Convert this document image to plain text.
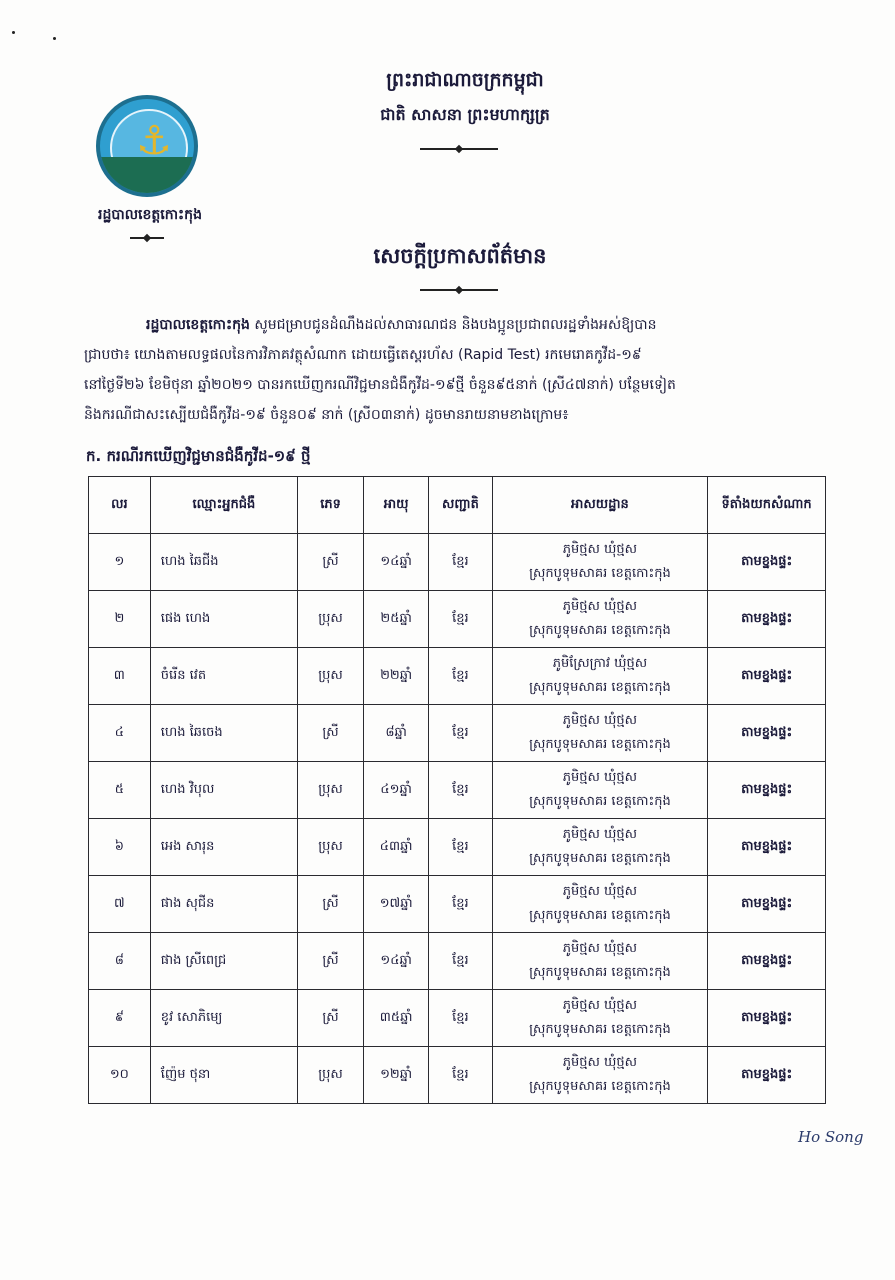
ព្រះរាជាណាចក្រកម្ពុជា
ជាតិ សាសនា ព្រះមហាក្សត្រ
⚓
រដ្ឋបាលខេត្តកោះកុង
សេចក្ដីប្រកាសព័ត៌មាន
រដ្ឋបាលខេត្តកោះកុង សូមជម្រាបជូនដំណឹងដល់សាធារណជន និងបងប្អូនប្រជាពលរដ្ឋទាំងអស់ឱ្យបាន
ជ្រាបថា៖ យោងតាមលទ្ធផលនៃការវិភាគវត្ថុសំណាក ដោយធ្វើតេស្តរហ័ស (Rapid Test) រកមេរោគកូវីដ-១៩
នៅថ្ងៃទី២៦ ខែមិថុនា ឆ្នាំ២០២១ បានរកឃើញករណីវិជ្ជមានជំងឺកូវីដ-១៩ថ្មី ចំនួន៩៥នាក់ (ស្រី៤៧នាក់) បន្ថែមទៀត
និងករណីជាសះស្បើយជំងឺកូវីដ-១៩ ចំនួន០៩ នាក់ (ស្រី០៣នាក់) ដូចមានរាយនាមខាងក្រោម៖
ក. ករណីរកឃើញវិជ្ជមានជំងឺកូវីដ-១៩ ថ្មី
លរ	ឈ្មោះអ្នកជំងឺ	ភេទ	អាយុ	សញ្ជាតិ	អាសយដ្ឋាន	ទីតាំងយកសំណាក
១	ហេង ឆៃជីង	ស្រី	១៤ឆ្នាំ	ខ្មែរ	ភូមិថ្មស ឃុំថ្មស
ស្រុកបូទុមសាគរ ខេត្តកោះកុង	តាមខ្នងផ្ទះ
២	ផេង ហេង	ប្រុស	២៥ឆ្នាំ	ខ្មែរ	ភូមិថ្មស ឃុំថ្មស
ស្រុកបូទុមសាគរ ខេត្តកោះកុង	តាមខ្នងផ្ទះ
៣	ចំរើន វេត	ប្រុស	២២ឆ្នាំ	ខ្មែរ	ភូមិស្រែក្រាវ ឃុំថ្មស
ស្រុកបូទុមសាគរ ខេត្តកោះកុង	តាមខ្នងផ្ទះ
៤	ហេង ឆៃចេង	ស្រី	៨ឆ្នាំ	ខ្មែរ	ភូមិថ្មស ឃុំថ្មស
ស្រុកបូទុមសាគរ ខេត្តកោះកុង	តាមខ្នងផ្ទះ
៥	ហេង វិបុល	ប្រុស	៤១ឆ្នាំ	ខ្មែរ	ភូមិថ្មស ឃុំថ្មស
ស្រុកបូទុមសាគរ ខេត្តកោះកុង	តាមខ្នងផ្ទះ
៦	អេង សារុន	ប្រុស	៤៣ឆ្នាំ	ខ្មែរ	ភូមិថ្មស ឃុំថ្មស
ស្រុកបូទុមសាគរ ខេត្តកោះកុង	តាមខ្នងផ្ទះ
៧	ផាង សុជីន	ស្រី	១៧ឆ្នាំ	ខ្មែរ	ភូមិថ្មស ឃុំថ្មស
ស្រុកបូទុមសាគរ ខេត្តកោះកុង	តាមខ្នងផ្ទះ
៨	ផាង ស្រីពេជ្រ	ស្រី	១៤ឆ្នាំ	ខ្មែរ	ភូមិថ្មស ឃុំថ្មស
ស្រុកបូទុមសាគរ ខេត្តកោះកុង	តាមខ្នងផ្ទះ
៩	ខូវ សោភិម្យេ	ស្រី	៣៥ឆ្នាំ	ខ្មែរ	ភូមិថ្មស ឃុំថ្មស
ស្រុកបូទុមសាគរ ខេត្តកោះកុង	តាមខ្នងផ្ទះ
១០	ញ៉ែម ថុនា	ប្រុស	១២ឆ្នាំ	ខ្មែរ	ភូមិថ្មស ឃុំថ្មស
ស្រុកបូទុមសាគរ ខេត្តកោះកុង	តាមខ្នងផ្ទះ
Ho Song
